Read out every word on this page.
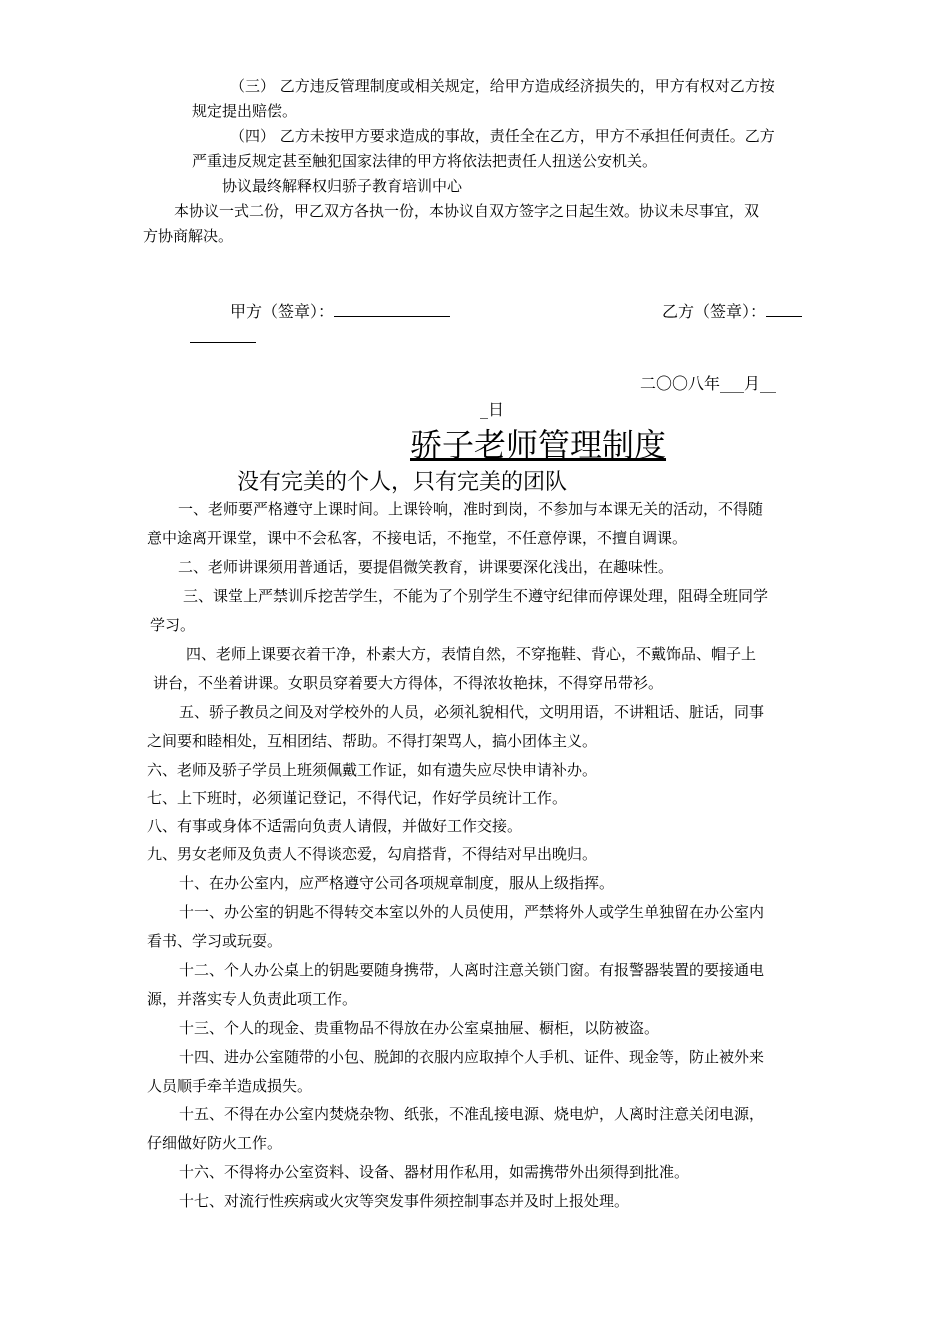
（三） 乙方违反管理制度或相关规定，给甲方造成经济损失的，甲方有权对乙方按
规定提出赔偿。
（四） 乙方未按甲方要求造成的事故，责任全在乙方，甲方不承担任何责任。乙方
严重违反规定甚至触犯国家法律的甲方将依法把责任人扭送公安机关。
协议最终解释权归骄子教育培训中心
本协议一式二份，甲乙双方各执一份，本协议自双方签字之日起生效。协议未尽事宜，双
方协商解决。
甲方（签章）：	乙方（签章）：
二〇〇八年___月__
_日
骄子老师管理制度
没有完美的个人，只有完美的团队
一、老师要严格遵守上课时间。上课铃响，准时到岗，不参加与本课无关的活动，不得随
意中途离开课堂，课中不会私客，不接电话，不拖堂，不任意停课，不擅自调课。
二、老师讲课须用普通话，要提倡微笑教育，讲课要深化浅出，在趣味性。
三、课堂上严禁训斥挖苦学生，不能为了个别学生不遵守纪律而停课处理，阻碍全班同学
学习。
四、老师上课要衣着干净，朴素大方，表情自然，不穿拖鞋、背心，不戴饰品、帽子上
讲台，不坐着讲课。女职员穿着要大方得体，不得浓妆艳抹，不得穿吊带衫。
五、骄子教员之间及对学校外的人员，必须礼貌相代，文明用语，不讲粗话、脏话，同事
之间要和睦相处，互相团结、帮助。不得打架骂人，搞小团体主义。
六、老师及骄子学员上班须佩戴工作证，如有遗失应尽快申请补办。
七、上下班时，必须谨记登记，不得代记，作好学员统计工作。
八、有事或身体不适需向负责人请假，并做好工作交接。
九、男女老师及负责人不得谈恋爱，勾肩搭背，不得结对早出晚归。
十、在办公室内，应严格遵守公司各项规章制度，服从上级指挥。
十一、办公室的钥匙不得转交本室以外的人员使用，严禁将外人或学生单独留在办公室内
看书、学习或玩耍。
十二、个人办公桌上的钥匙要随身携带，人离时注意关锁门窗。有报警器装置的要接通电
源，并落实专人负责此项工作。
十三、个人的现金、贵重物品不得放在办公室桌抽屉、橱柜，以防被盗。
十四、进办公室随带的小包、脱卸的衣服内应取掉个人手机、证件、现金等，防止被外来
人员顺手牵羊造成损失。
十五、不得在办公室内焚烧杂物、纸张，不准乱接电源、烧电炉，人离时注意关闭电源，
仔细做好防火工作。
十六、不得将办公室资料、设备、器材用作私用，如需携带外出须得到批准。
十七、对流行性疾病或火灾等突发事件须控制事态并及时上报处理。
